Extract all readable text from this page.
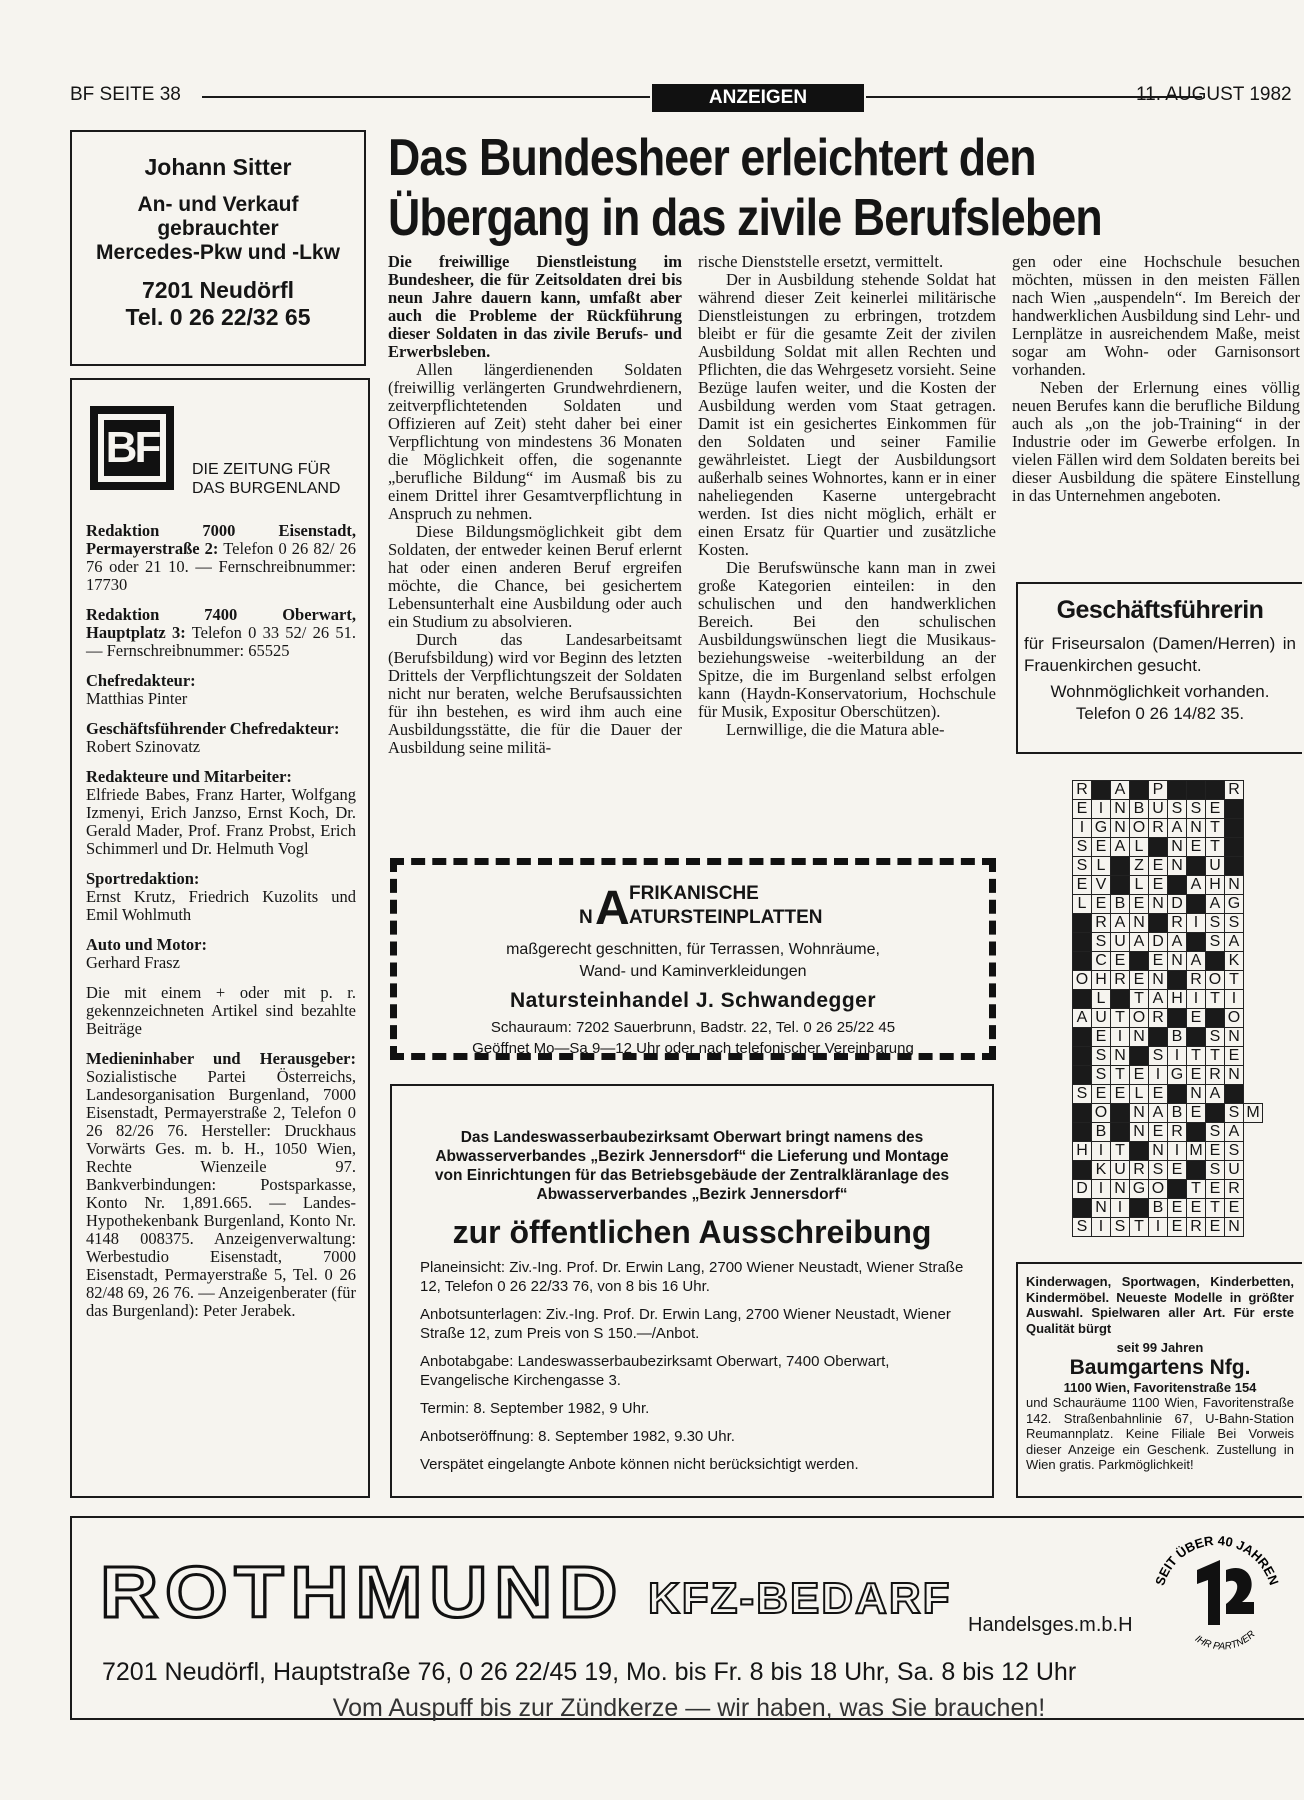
BF SEITE 38	ANZEIGEN	11. AUGUST 1982
Johann Sitter
An- und Verkauf
gebrauchter
Mercedes-Pkw und -Lkw
7201 Neudörfl
Tel. 0 26 22/32 65
BF DIE ZEITUNG FÜR
DAS BURGENLAND

Redaktion 7000 Eisenstadt, Permayerstraße 2: Telefon 0 26 82/ 26 76 oder 21 10. — Fernschreibnummer: 17730

Redaktion 7400 Oberwart, Hauptplatz 3: Telefon 0 33 52/ 26 51. — Fernschreibnummer: 65525

Chefredakteur:
Matthias Pinter

Geschäftsführender Chefredakteur:
Robert Szinovatz

Redakteure und Mitarbeiter:
Elfriede Babes, Franz Harter, Wolfgang Izmenyi, Erich Janzso, Ernst Koch, Dr. Gerald Mader, Prof. Franz Probst, Erich Schimmerl und Dr. Helmuth Vogl

Sportredaktion:
Ernst Krutz, Friedrich Kuzolits und Emil Wohlmuth

Auto und Motor:
Gerhard Frasz

Die mit einem + oder mit p. r. gekennzeichneten Artikel sind bezahlte Beiträge

Medieninhaber und Herausgeber: Sozialistische Partei Österreichs, Landesorganisation Burgenland, 7000 Eisenstadt, Permayerstraße 2, Telefon 0 26 82/26 76. Hersteller: Druckhaus Vorwärts Ges. m. b. H., 1050 Wien, Rechte Wienzeile 97. Bankverbindungen: Postsparkasse, Konto Nr. 1,891.665. — Landes-Hypothekenbank Burgenland, Konto Nr. 4148 008375. Anzeigenverwaltung: Werbestudio Eisenstadt, 7000 Eisenstadt, Permayerstraße 5, Tel. 0 26 82/48 69, 26 76. — Anzeigenberater (für das Burgenland): Peter Jerabek.

Das Bundesheer erleichtert den
Übergang in das zivile Berufsleben

Die freiwillige Dienstleistung im Bundesheer, die für Zeitsoldaten drei bis neun Jahre dauern kann, umfaßt aber auch die Probleme der Rückführung dieser Soldaten in das zivile Berufs- und Erwerbsleben.

Allen längerdienenden Soldaten (freiwillig verlängerten Grundwehrdienern, zeitverpflichtetenden Soldaten und Offizieren auf Zeit) steht daher bei einer Verpflichtung von mindestens 36 Monaten die Möglichkeit offen, die sogenannte „berufliche Bildung“ im Ausmaß bis zu einem Drittel ihrer Gesamtverpflichtung in Anspruch zu nehmen.

Diese Bildungsmöglichkeit gibt dem Soldaten, der entweder keinen Beruf erlernt hat oder einen anderen Beruf ergreifen möchte, die Chance, bei gesichertem Lebensunterhalt eine Ausbildung oder auch ein Studium zu absolvieren.

Durch das Landesarbeitsamt (Berufsbildung) wird vor Beginn des letzten Drittels der Verpflichtungszeit der Soldaten nicht nur beraten, welche Berufsaussichten für ihn bestehen, es wird ihm auch eine Ausbildungsstätte, die für die Dauer der Ausbildung seine militä-

rische Dienststelle ersetzt, vermittelt.

Der in Ausbildung stehende Soldat hat während dieser Zeit keinerlei militärische Dienstleistungen zu erbringen, trotzdem bleibt er für die gesamte Zeit der zivilen Ausbildung Soldat mit allen Rechten und Pflichten, die das Wehrgesetz vorsieht. Seine Bezüge laufen weiter, und die Kosten der Ausbildung werden vom Staat getragen. Damit ist ein gesichertes Einkommen für den Soldaten und seiner Familie gewährleistet. Liegt der Ausbildungsort außerhalb seines Wohnortes, kann er in einer naheliegenden Kaserne untergebracht werden. Ist dies nicht möglich, erhält er einen Ersatz für Quartier und zusätzliche Kosten.

Die Berufswünsche kann man in zwei große Kategorien einteilen: in den schulischen und den handwerklichen Bereich. Bei den schulischen Ausbildungswünschen liegt die Musikaus- beziehungsweise -weiterbildung an der Spitze, die im Burgenland selbst erfolgen kann (Haydn-Konservatorium, Hochschule für Musik, Expositur Oberschützen).

Lernwillige, die die Matura able-

gen oder eine Hochschule besuchen möchten, müssen in den meisten Fällen nach Wien „auspendeln“. Im Bereich der handwerklichen Ausbildung sind Lehr- und Lernplätze in ausreichendem Maße, meist sogar am Wohn- oder Garnisonsort vorhanden.

Neben der Erlernung eines völlig neuen Berufes kann die berufliche Bildung auch als „on the job-Training“ in der Industrie oder im Gewerbe erfolgen. In vielen Fällen wird dem Soldaten bereits bei dieser Ausbildung die spätere Einstellung in das Unternehmen angeboten.

FRIKANISCHE
A
N ATURSTEINPLATTEN
maßgerecht geschnitten, für Terrassen, Wohnräume,
Wand- und Kaminverkleidungen
Natursteinhandel J. Schwandegger
Schauraum: 7202 Sauerbrunn, Badstr. 22, Tel. 0 26 25/22 45
Geöffnet Mo—Sa 9—12 Uhr oder nach telefonischer Vereinbarung
Das Landeswasserbaubezirksamt Oberwart bringt namens des Abwasserverbandes „Bezirk Jennersdorf“ die Lieferung und Montage von Einrichtungen für das Betriebsgebäude der Zentralkläranlage des Abwasserverbandes „Bezirk Jennersdorf“
zur öffentlichen Ausschreibung
Planeinsicht: Ziv.-Ing. Prof. Dr. Erwin Lang, 2700 Wiener Neustadt, Wiener Straße 12, Telefon 0 26 22/33 76, von 8 bis 16 Uhr.
Anbotsunterlagen: Ziv.-Ing. Prof. Dr. Erwin Lang, 2700 Wiener Neustadt, Wiener Straße 12, zum Preis von S 150.—/Anbot.
Anbotabgabe: Landeswasserbaubezirksamt Oberwart, 7400 Oberwart, Evangelische Kirchengasse 3.
Termin: 8. September 1982, 9 Uhr.
Anbotseröffnung: 8. September 1982, 9.30 Uhr.
Verspätet eingelangte Anbote können nicht berücksichtigt werden.
Geschäftsführerin
für Friseursalon (Damen/Herren) in Frauenkirchen gesucht.
Wohnmöglichkeit vorhanden.
Telefon 0 26 14/82 35.
R		A		P				R	
E	I	N	B	U	S	S	E		
I	G	N	O	R	A	N	T		
S	E	A	L		N	E	T		
S	L		Z	E	N		U		
E	V		L	E		A	H	N	
L	E	B	E	N	D		A	G	
	R	A	N		R	I	S	S	
	S	U	A	D	A		S	A	
	C	E		E	N	A		K	
O	H	R	E	N		R	O	T	
	L		T	A	H	I	T	I	
A	U	T	O	R		E		O	
	E	I	N		B		S	N	
	S	N		S	I	T	T	E	
	S	T	E	I	G	E	R	N	
S	E	E	L	E		N	A		
	O		N	A	B	E		S	M
	B		N	E	R		S	A	
H	I	T		N	I	M	E	S	
	K	U	R	S	E		S	U	
D	I	N	G	O		T	E	R	
	N	I		B	E	E	T	E	
S	I	S	T	I	E	R	E	N	
Kinderwagen, Sportwagen, Kinderbetten, Kindermöbel. Neueste Modelle in größter Auswahl. Spielwaren aller Art. Für erste Qualität bürgt
seit 99 Jahren
Baumgartens Nfg.
1100 Wien, Favoritenstraße 154
und Schauräume 1100 Wien, Favoritenstraße 142. Straßenbahnlinie 67, U-Bahn-Station Reumannplatz. Keine Filiale Bei Vorweis dieser Anzeige ein Geschenk. Zustellung in Wien gratis. Parkmöglichkeit!
ROTHMUND KFZ-BEDARF
Handelsges.m.b.H
SEIT ÜBER 40 JAHREN
IHR PARTNER
7201 Neudörfl, Hauptstraße 76, 0 26 22/45 19, Mo. bis Fr. 8 bis 18 Uhr, Sa. 8 bis 12 Uhr
Vom Auspuff bis zur Zündkerze — wir haben, was Sie brauchen!
